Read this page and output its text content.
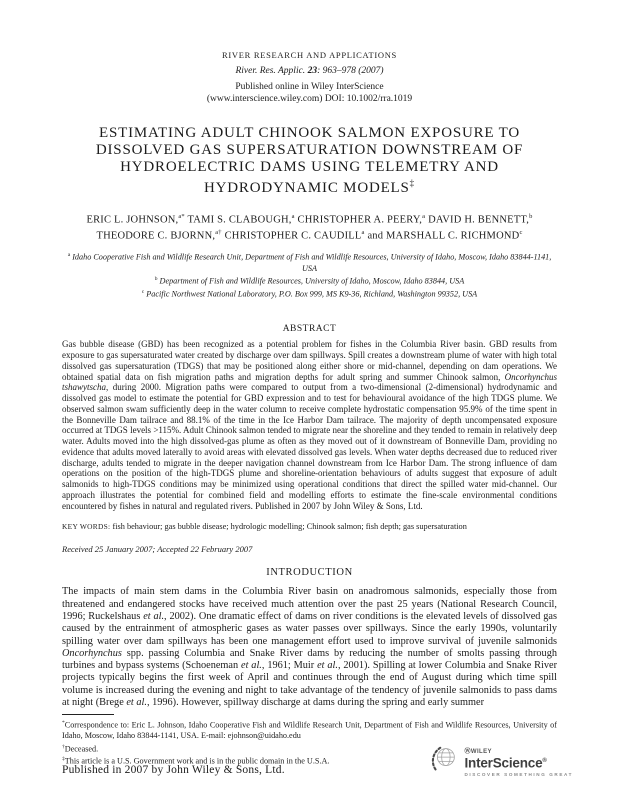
RIVER RESEARCH AND APPLICATIONS
River. Res. Applic. 23: 963–978 (2007)
Published online in Wiley InterScience
(www.interscience.wiley.com) DOI: 10.1002/rra.1019
ESTIMATING ADULT CHINOOK SALMON EXPOSURE TO DISSOLVED GAS SUPERSATURATION DOWNSTREAM OF HYDROELECTRIC DAMS USING TELEMETRY AND HYDRODYNAMIC MODELS‡
ERIC L. JOHNSON,$^{a*}$ TAMI S. CLABOUGH,$^a$ CHRISTOPHER A. PEERY,$^a$ DAVID H. BENNETT,$^b$
THEODORE C. BJORNN,$^{a\dagger}$ CHRISTOPHER C. CAUDILL$^a$ and MARSHALL C. RICHMOND$^c$
$^a$ Idaho Cooperative Fish and Wildlife Research Unit, Department of Fish and Wildlife Resources, University of Idaho, Moscow, Idaho 83844-1141, USA
$^b$ Department of Fish and Wildlife Resources, University of Idaho, Moscow, Idaho 83844, USA
$^c$ Pacific Northwest National Laboratory, P.O. Box 999, MS K9-36, Richland, Washington 99352, USA
ABSTRACT

Gas bubble disease (GBD) has been recognized as a potential problem for fishes in the Columbia River basin. GBD results from exposure to gas supersaturated water created by discharge over dam spillways. Spill creates a downstream plume of water with high total dissolved gas supersaturation (TDGS) that may be positioned along either shore or mid-channel, depending on dam operations. We obtained spatial data on fish migration paths and migration depths for adult spring and summer Chinook salmon, Oncorhynchus tshawytscha, during 2000. Migration paths were compared to output from a two-dimensional (2-dimensional) hydrodynamic and dissolved gas model to estimate the potential for GBD expression and to test for behavioural avoidance of the high TDGS plume. We observed salmon swam sufficiently deep in the water column to receive complete hydrostatic compensation 95.9% of the time spent in the Bonneville Dam tailrace and 88.1% of the time in the Ice Harbor Dam tailrace. The majority of depth uncompensated exposure occurred at TDGS levels >115%. Adult Chinook salmon tended to migrate near the shoreline and they tended to remain in relatively deep water. Adults moved into the high dissolved-gas plume as often as they moved out of it downstream of Bonneville Dam, providing no evidence that adults moved laterally to avoid areas with elevated dissolved gas levels. When water depths decreased due to reduced river discharge, adults tended to migrate in the deeper navigation channel downstream from Ice Harbor Dam. The strong influence of dam operations on the position of the high-TDGS plume and shoreline-orientation behaviours of adults suggest that exposure of adult salmonids to high-TDGS conditions may be minimized using operational conditions that direct the spilled water mid-channel. Our approach illustrates the potential for combined field and modelling efforts to estimate the fine-scale environmental conditions encountered by fishes in natural and regulated rivers. Published in 2007 by John Wiley & Sons, Ltd.

KEY WORDS: fish behaviour; gas bubble disease; hydrologic modelling; Chinook salmon; fish depth; gas supersaturation

Received 25 January 2007; Accepted 22 February 2007

INTRODUCTION

The impacts of main stem dams in the Columbia River basin on anadromous salmonids, especially those from threatened and endangered stocks have received much attention over the past 25 years (National Research Council, 1996; Ruckelshaus et al., 2002). One dramatic effect of dams on river conditions is the elevated levels of dissolved gas caused by the entrainment of atmospheric gases as water passes over spillways. Since the early 1990s, voluntarily spilling water over dam spillways has been one management effort used to improve survival of juvenile salmonids Oncorhynchus spp. passing Columbia and Snake River dams by reducing the number of smolts passing through turbines and bypass systems (Schoeneman et al., 1961; Muir et al., 2001). Spilling at lower Columbia and Snake River projects typically begins the first week of April and continues through the end of August during which time spill volume is increased during the evening and night to take advantage of the tendency of juvenile salmonids to pass dams at night (Brege et al., 1996). However, spillway discharge at dams during the spring and early summer

*Correspondence to: Eric L. Johnson, Idaho Cooperative Fish and Wildlife Research Unit, Department of Fish and Wildlife Resources, University of Idaho, Moscow, Idaho 83844-1141, USA. E-mail: ejohnson@uidaho.edu

†Deceased.

‡This article is a U.S. Government work and is in the public domain in the U.S.A.

Published in 2007 by John Wiley & Sons, Ltd.
ⓌWILEY
InterScience®
DISCOVER SOMETHING GREAT
